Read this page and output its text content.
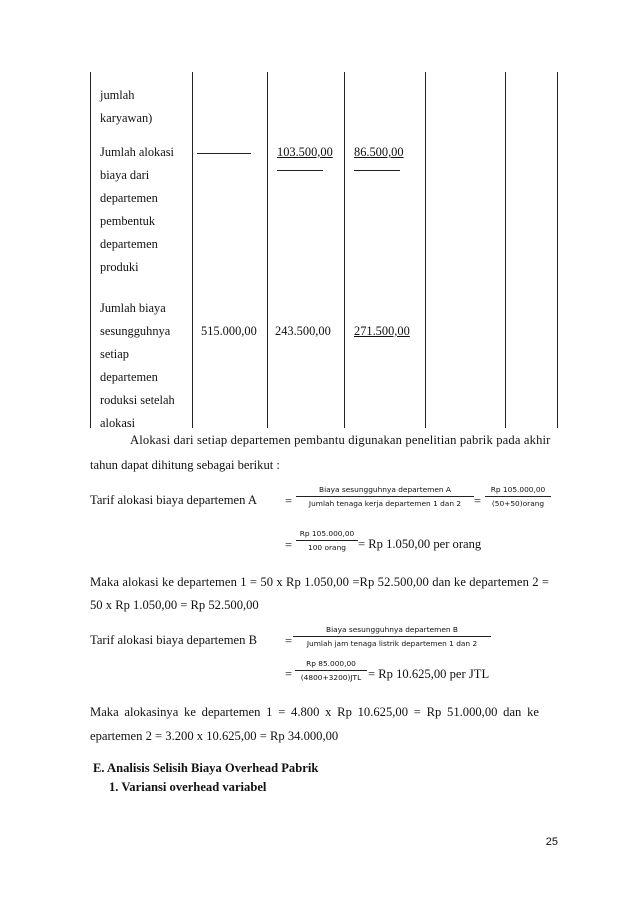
jumlah
karyawan)
Jumlah alokasi
biaya dari
departemen
pembentuk
departemen
produki
103.500,00 86.500,00
Jumlah biaya
sesungguhnya
setiap
departemen
roduksi setelah
alokasi
515.000,00 243.500,00 271.500,00
Alokasi dari setiap departemen pembantu digunakan penelitian pabrik pada akhir
tahun dapat dihitung sebagai berikut :
Tarif alokasi biaya departemen A =
Biaya sesungguhnya departemen A
Jumlah tenaga kerja departemen 1 dan 2	=
Rp 105.000,00
(50+50)orang
=
Rp 105.000,00
100 orang = Rp 1.050,00 per orang
Maka alokasi ke departemen 1 = 50 x Rp 1.050,00 =Rp 52.500,00 dan ke departemen 2 =
50 x Rp 1.050,00 = Rp 52.500,00
Tarif alokasi biaya departemen B =
Biaya sesungguhnya departemen B
Jumlah jam tenaga listrik departemen 1 dan 2
=
Rp 85.000,00
(4800+3200)JTL = Rp 10.625,00 per JTL
Maka alokasinya ke departemen 1 = 4.800 x Rp 10.625,00 = Rp 51.000,00 dan ke
epartemen 2 = 3.200 x 10.625,00 = Rp 34.000,00
E. Analisis Selisih Biaya Overhead Pabrik
1. Variansi overhead variabel
25
